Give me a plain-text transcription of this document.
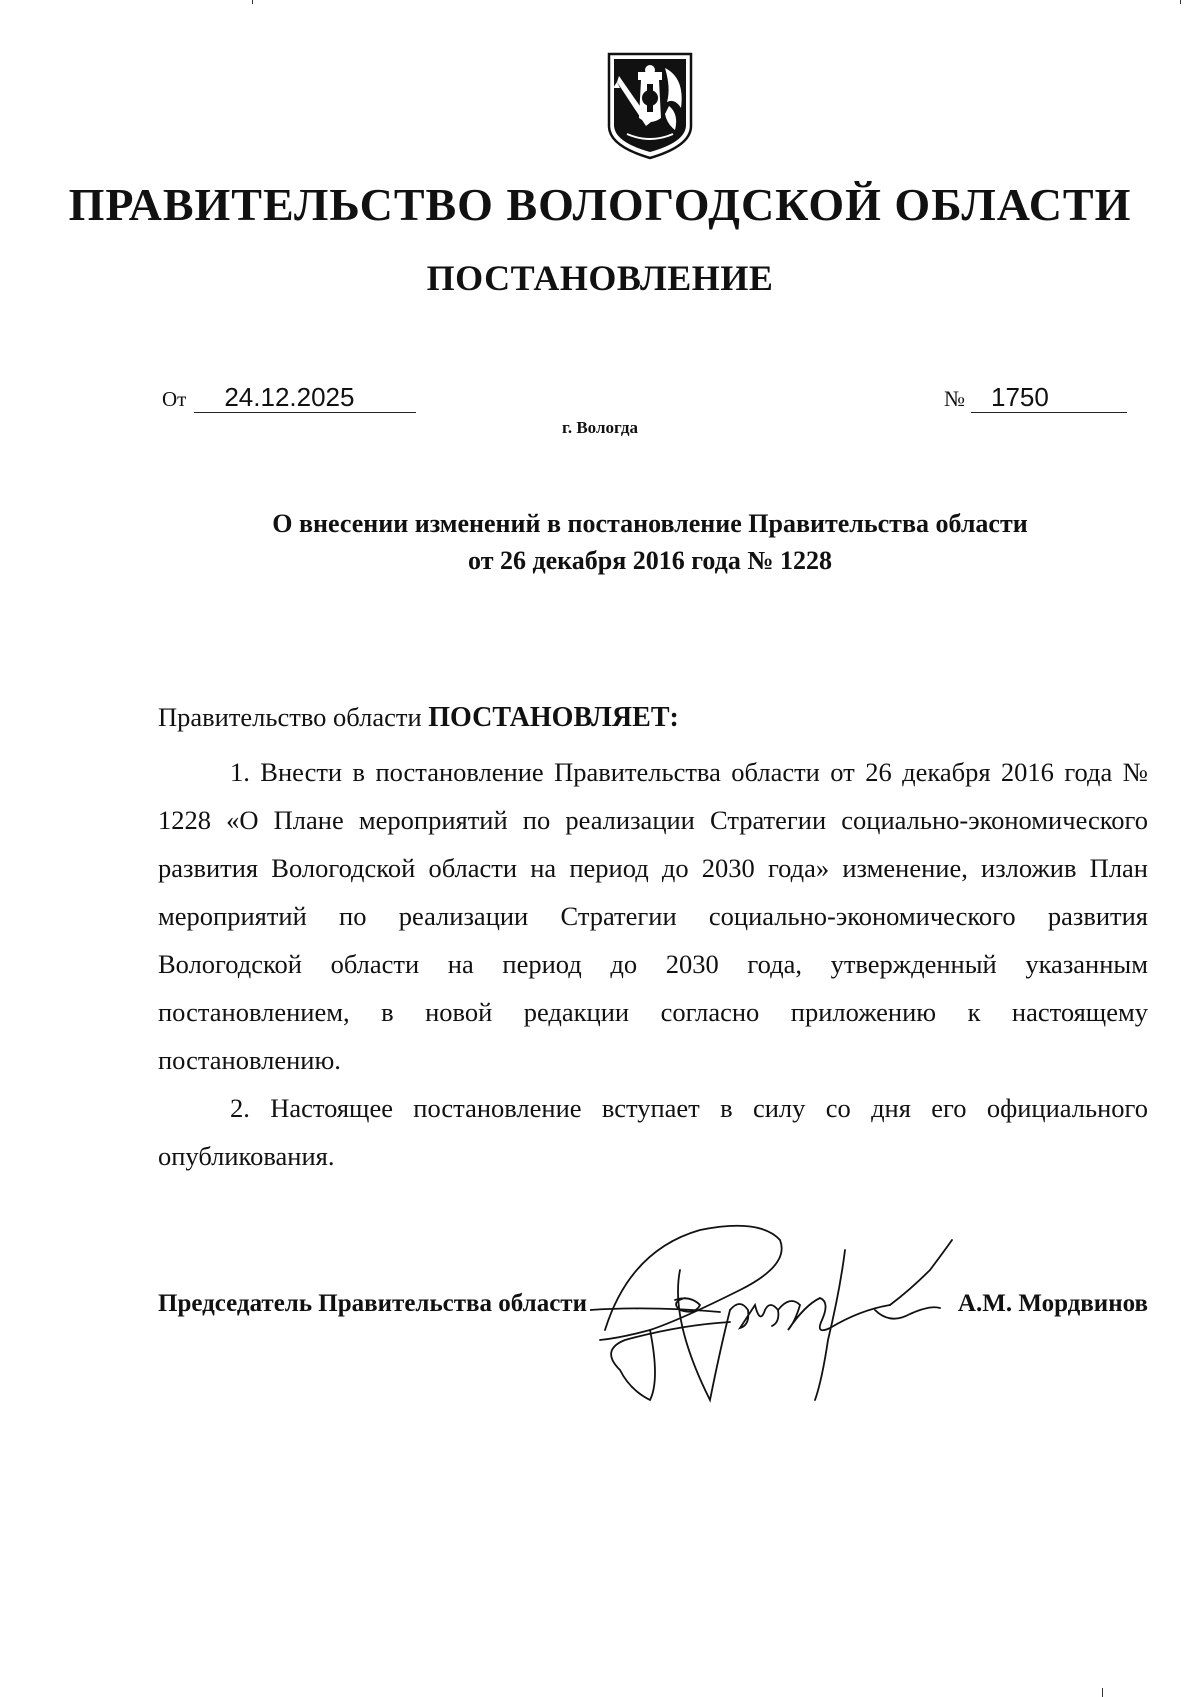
ПРАВИТЕЛЬСТВО ВОЛОГОДСКОЙ ОБЛАСТИ
ПОСТАНОВЛЕНИЕ
От 24.12.2025	№ 1750
г. Вологда
О внесении изменений в постановление Правительства области
от 26 декабря 2016 года № 1228

Правительство области ПОСТАНОВЛЯЕТ:

1. Внести в постановление Правительства области от 26 декабря 2016 года № 1228 «О Плане мероприятий по реализации Стратегии социально-экономического развития Вологодской области на период до 2030 года» изменение, изложив План мероприятий по реализации Стратегии социально-экономического развития Вологодской области на период до 2030 года, утвержденный указанным постановлением, в новой редакции согласно приложению к настоящему постановлению.

2. Настоящее постановление вступает в силу со дня его официального опубликования.

Председатель Правительства области	А.М. Мордвинов
